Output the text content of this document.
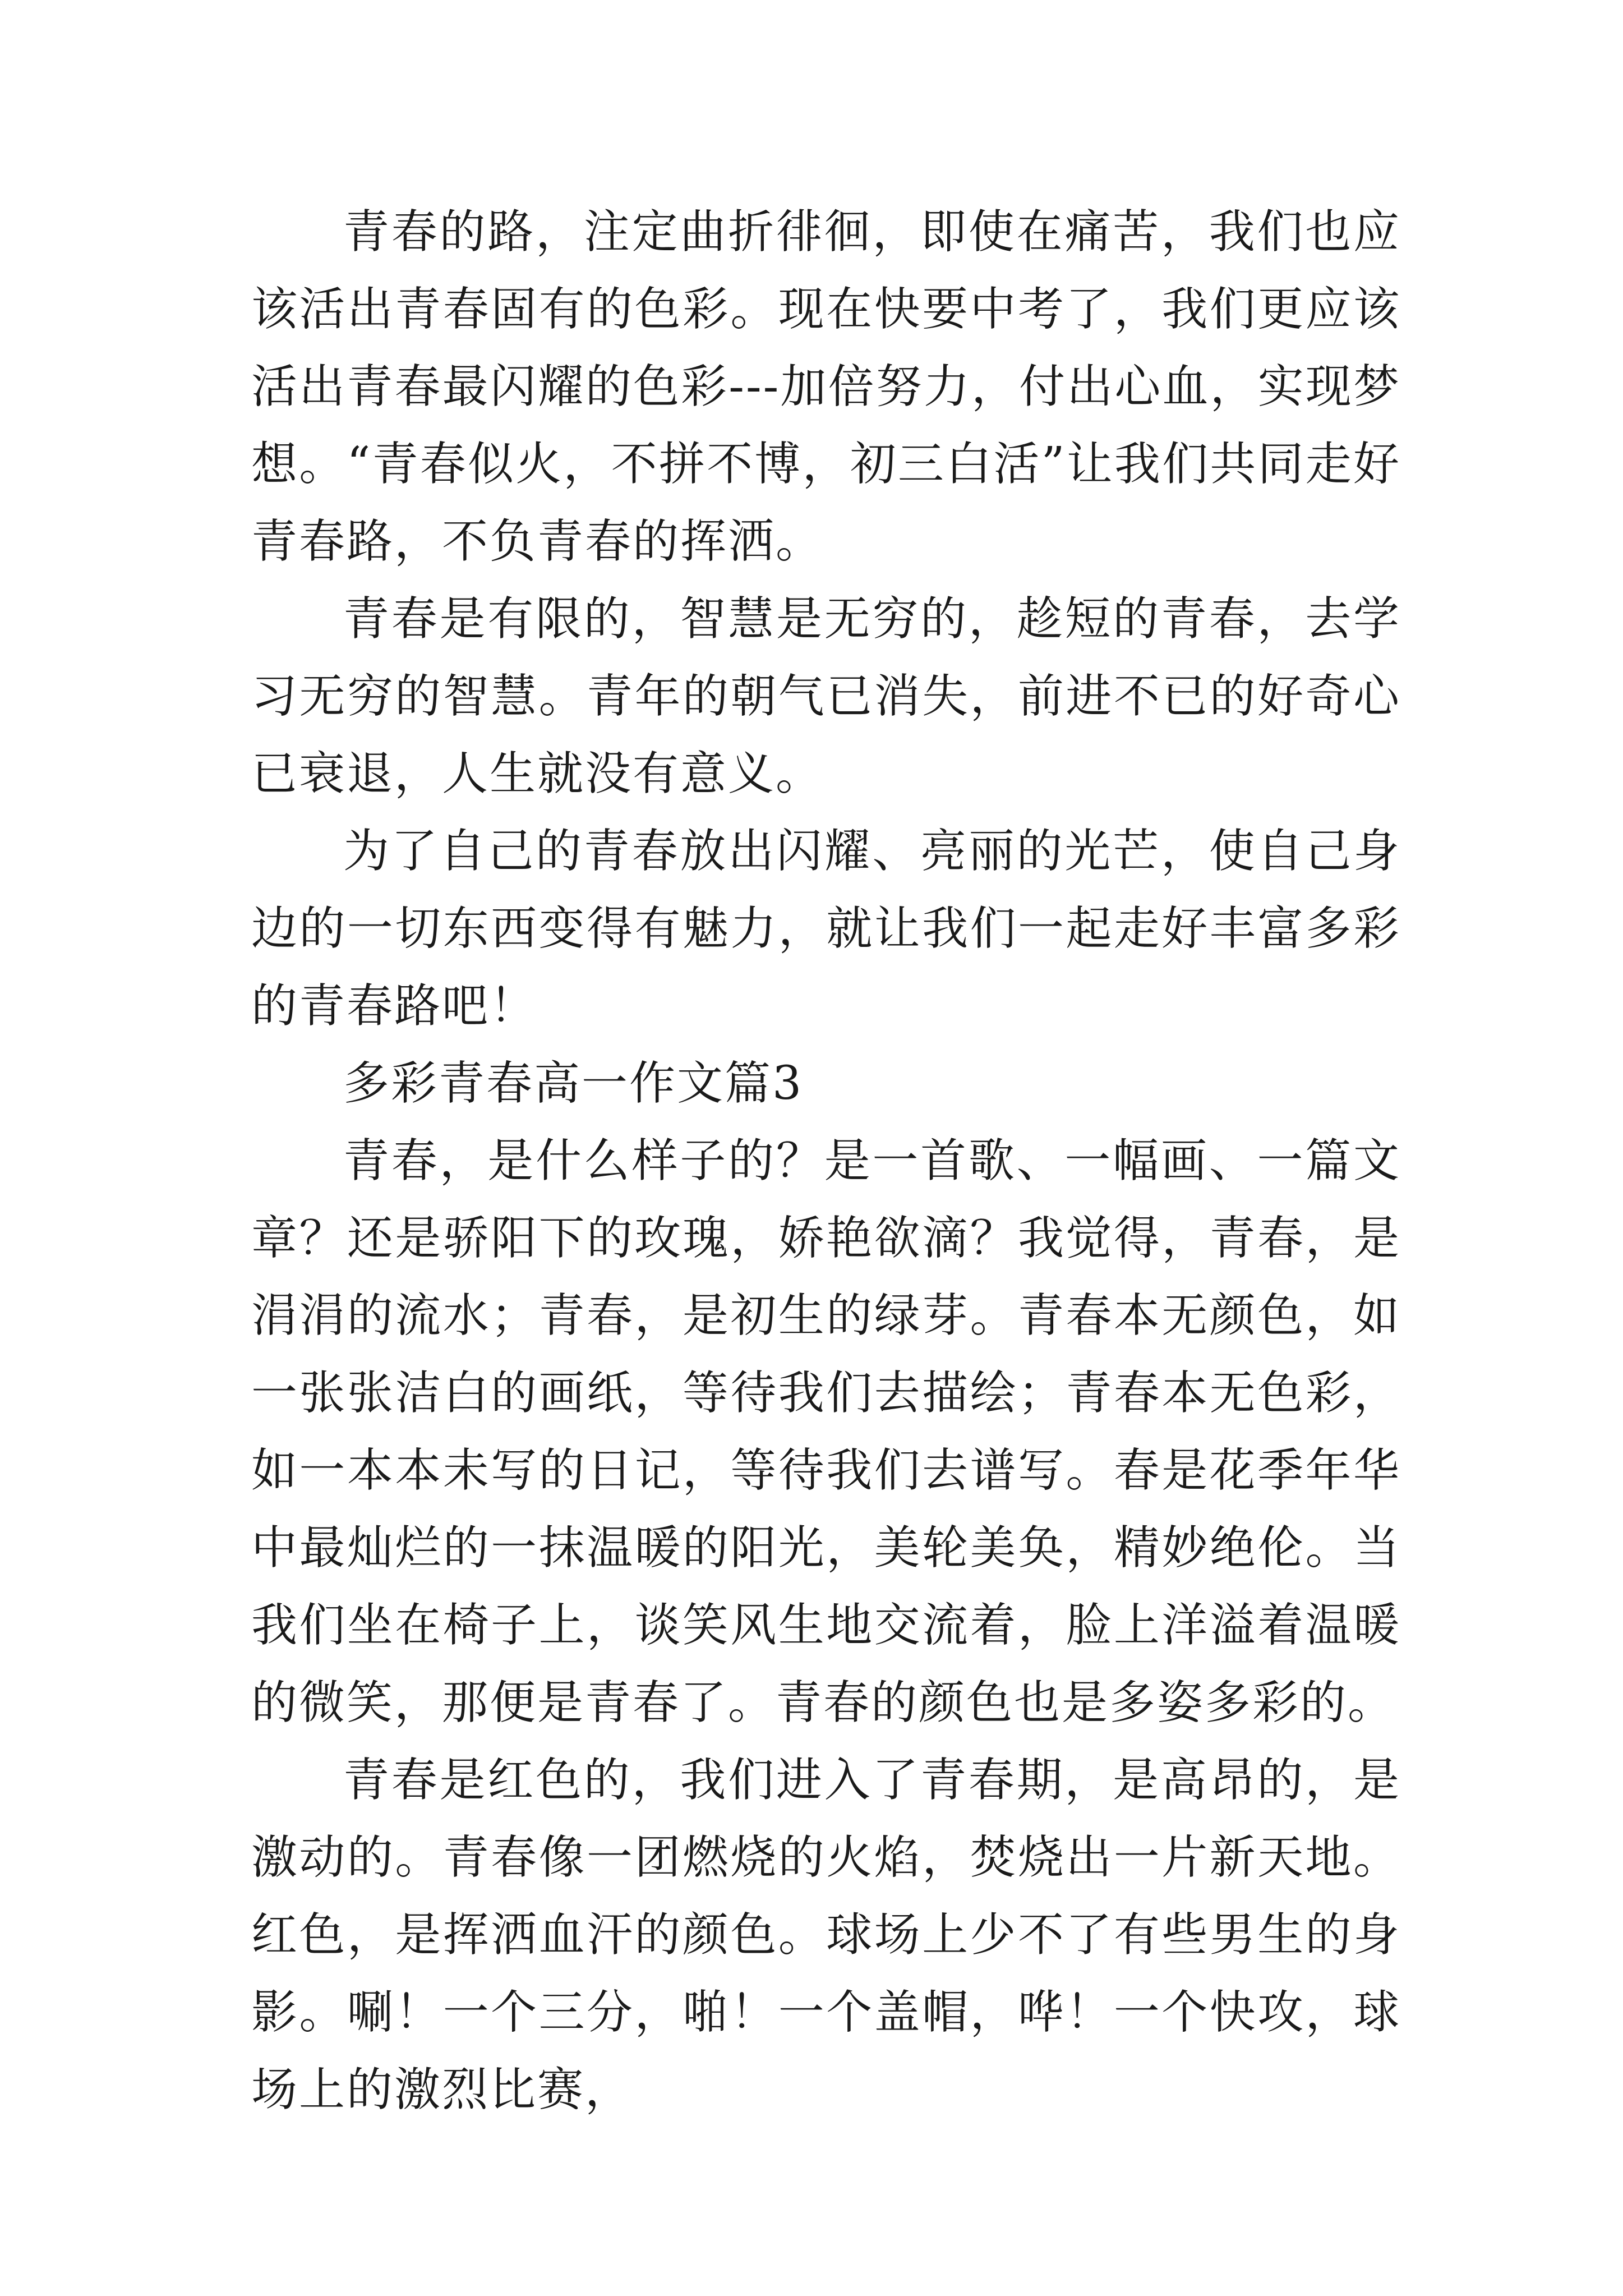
青春的路，注定曲折徘徊，即使在痛苦，我们也应该活出青春固有的色彩。现在快要中考了，我们更应该活出青春最闪耀的色彩---加倍努力，付出心血，实现梦想。“青春似火，不拼不博，初三白活”让我们共同走好青春路，不负青春的挥洒。

青春是有限的，智慧是无穷的，趁短的青春，去学习无穷的智慧。青年的朝气已消失，前进不已的好奇心已衰退，人生就没有意义。

为了自己的青春放出闪耀、亮丽的光芒，使自己身边的一切东西变得有魅力，就让我们一起走好丰富多彩的青春路吧！

多彩青春高一作文篇3

青春，是什么样子的？是一首歌、一幅画、一篇文章？还是骄阳下的玫瑰，娇艳欲滴？我觉得，青春，是涓涓的流水；青春，是初生的绿芽。青春本无颜色，如一张张洁白的画纸，等待我们去描绘；青春本无色彩，如一本本未写的日记，等待我们去谱写。春是花季年华中最灿烂的一抹温暖的阳光，美轮美奂，精妙绝伦。当我们坐在椅子上，谈笑风生地交流着，脸上洋溢着温暖的微笑，那便是青春了。青春的颜色也是多姿多彩的。

青春是红色的，我们进入了青春期，是高昂的，是激动的。青春像一团燃烧的火焰，焚烧出一片新天地。红色，是挥洒血汗的颜色。球场上少不了有些男生的身影。唰！一个三分，啪！一个盖帽，哗！一个快攻，球场上的激烈比赛，
